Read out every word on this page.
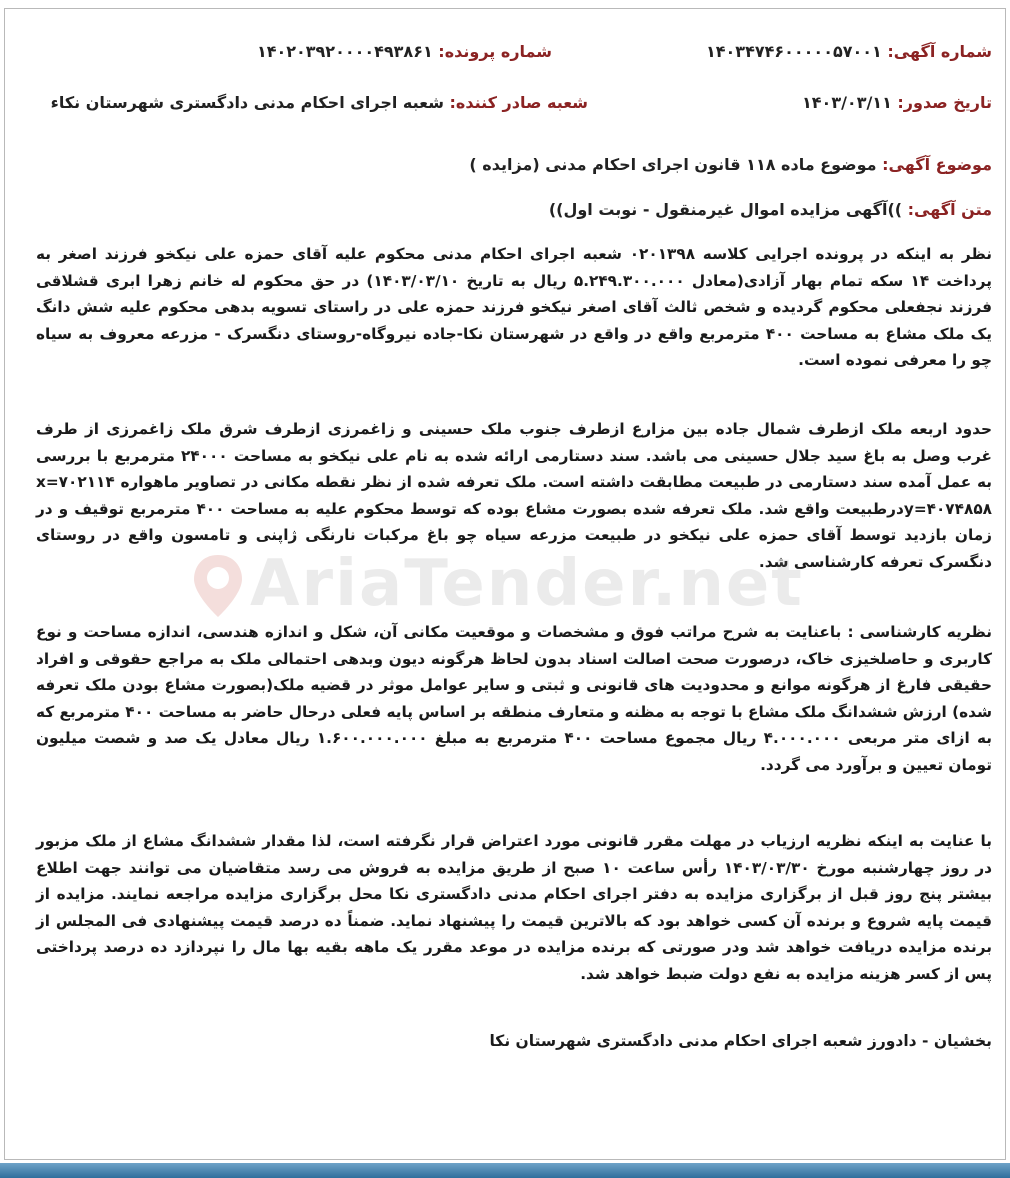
شماره آگهی: ۱۴۰۳۴۷۴۶۰۰۰۰۰۵۷۰۰۱
شماره پرونده: ۱۴۰۲۰۳۹۲۰۰۰۰۴۹۳۸۶۱
تاریخ صدور: ۱۴۰۳/۰۳/۱۱
شعبه صادر کننده: شعبه اجرای احکام مدنی دادگستری شهرستان نکاء
موضوع آگهی: موضوع ماده ۱۱۸ قانون اجرای احکام مدنی (مزایده )
متن آگهی: ))آگهی مزایده اموال غیرمنقول - نوبت اول))

نظر به اینکه در پرونده اجرایی کلاسه ۰۲۰۱۳۹۸ شعبه اجرای احکام مدنی محکوم علیه آقای حمزه علی نیکخو فرزند اصغر به پرداخت ۱۴ سکه تمام بهار آزادی(معادل ۵.۲۴۹.۳۰۰.۰۰۰ ریال به تاریخ ۱۴۰۳/۰۳/۱۰) در حق محکوم له خانم زهرا ابری قشلاقی فرزند نجفعلی محکوم گردیده و شخص ثالث آقای اصغر نیکخو فرزند حمزه علی در راستای تسویه بدهی محکوم علیه شش دانگ یک ملک مشاع به مساحت ۴۰۰ مترمربع واقع در واقع در شهرستان نکا-جاده نیروگاه-روستای دنگسرک - مزرعه معروف به سیاه چو را معرفی نموده است.

حدود اربعه ملک ازطرف شمال جاده بین مزارع ازطرف جنوب ملک حسینی و زاغمرزی ازطرف شرق ملک زاغمرزی از طرف غرب وصل به باغ سید جلال حسینی می باشد. سند دستارمی ارائه شده به نام علی نیکخو به مساحت ۲۴۰۰۰ مترمربع با بررسی به عمل آمده سند دستارمی در طبیعت مطابقت داشته است. ملک تعرفه شده از نظر نقطه مکانی در تصاویر ماهواره x=۷۰۲۱۱۴ y=۴۰۷۴۸۵۸درطبیعت واقع شد. ملک تعرفه شده بصورت مشاع بوده که توسط محکوم علیه به مساحت ۴۰۰ مترمربع توقیف و در زمان بازدید توسط آقای حمزه علی نیکخو در طبیعت مزرعه سیاه چو باغ مرکبات نارنگی ژاپنی و تامسون واقع در روستای دنگسرک تعرفه کارشناسی شد.

نظریه کارشناسی : باعنایت به شرح مراتب فوق و مشخصات و موقعیت مکانی آن، شکل و اندازه هندسی، اندازه مساحت و نوع کاربری و حاصلخیزی خاک، درصورت صحت اصالت اسناد بدون لحاظ هرگونه دیون وبدهی احتمالی ملک به مراجع حقوقی و افراد حقیقی فارغ از هرگونه موانع و محدودیت های قانونی و ثبتی و سایر عوامل موثر در قضیه ملک(بصورت مشاع بودن ملک تعرفه شده) ارزش ششدانگ ملک مشاع با توجه به مظنه و متعارف منطقه بر اساس پایه فعلی درحال حاضر به مساحت ۴۰۰ مترمربع که به ازای متر مربعی ۴.۰۰۰.۰۰۰ ریال مجموع مساحت ۴۰۰ مترمربع به مبلغ ۱.۶۰۰.۰۰۰.۰۰۰ ریال معادل یک صد و شصت میلیون تومان تعیین و برآورد می گردد.

با عنایت به اینکه نظریه ارزیاب در مهلت مقرر قانونی مورد اعتراض قرار نگرفته است، لذا مقدار ششدانگ مشاع از ملک مزبور در روز چهارشنبه مورخ ۱۴۰۳/۰۳/۳۰ رأس ساعت ۱۰ صبح از طریق مزایده به فروش می رسد متقاضیان می توانند جهت اطلاع بیشتر پنج روز قبل از برگزاری مزایده به دفتر اجرای احکام مدنی دادگستری نکا محل برگزاری مزایده مراجعه نمایند. مزایده از قیمت پایه شروع و برنده آن کسی خواهد بود که بالاترین قیمت را پیشنهاد نماید. ضمناً ده درصد قیمت پیشنهادی فی المجلس از برنده مزایده دریافت خواهد شد ودر صورتی که برنده مزایده در موعد مقرر یک ماهه بقیه بها مال را نپردازد ده درصد پرداختی پس از کسر هزینه مزایده به نفع دولت ضبط خواهد شد.

بخشیان - دادورز شعبه اجرای احکام مدنی دادگستری شهرستان نکا
